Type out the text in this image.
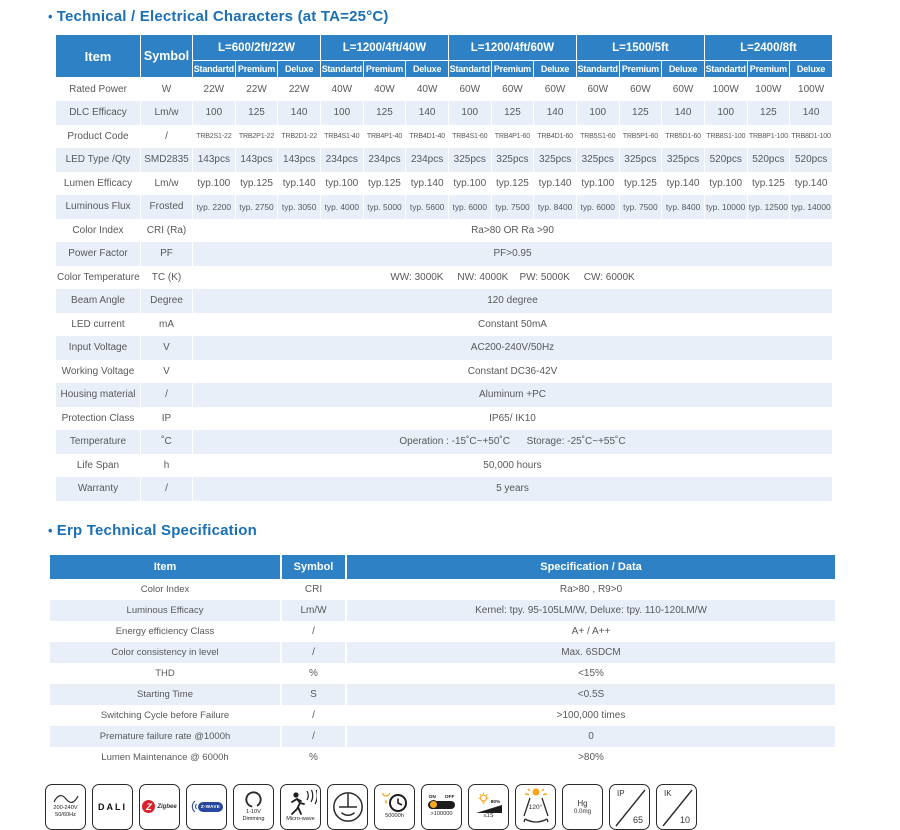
• Technical / Electrical Characters (at TA=25°C)
Item	Symbol	L=600/2ft/22W			L=1200/4ft/40W			L=1200/4ft/60W			L=1500/5ft			L=2400/8ft		
		Standartd	Premium	Deluxe	Standartd	Premium	Deluxe	Standartd	Premium	Deluxe	Standartd	Premium	Deluxe	Standartd	Premium	Deluxe
Rated Power	W	22W	22W	22W	40W	40W	40W	60W	60W	60W	60W	60W	60W	100W	100W	100W
DLC Efficacy	Lm/w	100	125	140	100	125	140	100	125	140	100	125	140	100	125	140
Product Code	/	TRB2S1-22	TRB2P1-22	TRB2D1-22	TRB4S1-40	TRB4P1-40	TRB4D1-40	TRB4S1-60	TRB4P1-60	TRB4D1-60	TRB5S1-60	TRB5P1-60	TRB5D1-60	TRB8S1-100	TRB8P1-100	TRB8D1-100
LED Type /Qty	SMD2835	143pcs	143pcs	143pcs	234pcs	234pcs	234pcs	325pcs	325pcs	325pcs	325pcs	325pcs	325pcs	520pcs	520pcs	520pcs
Lumen Efficacy	Lm/w	typ.100	typ.125	typ.140	typ.100	typ.125	typ.140	typ.100	typ.125	typ.140	typ.100	typ.125	typ.140	typ.100	typ.125	typ.140
Luminous Flux	Frosted	typ. 2200	typ. 2750	typ. 3050	typ. 4000	typ. 5000	typ. 5600	typ. 6000	typ. 7500	typ. 8400	typ. 6000	typ. 7500	typ. 8400	typ. 10000	typ. 12500	typ. 14000
Color Index	CRI (Ra)	Ra>80 OR Ra >90														
Power Factor	PF	PF>0.95														
Color Temperature	TC (K)	WW: 3000K     NW: 4000K    PW: 5000K     CW: 6000K														
Beam Angle	Degree	120 degree														
LED current	mA	Constant 50mA														
Input Voltage	V	AC200-240V/50Hz														
Working Voltage	V	Constant DC36-42V														
Housing material	/	Aluminum +PC														
Protection Class	IP	IP65/ IK10														
Temperature	˚C	Operation : -15˚C~+50˚C      Storage: -25˚C~+55˚C														
Life Span	h	50,000 hours														
Warranty	/	5 years														
• Erp Technical Specification
Item	Symbol	Specification / Data
Color Index	CRI	Ra>80 , R9>0
Luminous Efficacy	Lm/W	Kernel: tpy. 95-105LM/W, Deluxe: tpy. 110-120LM/W
Energy efficiency Class	/	A+ / A++
Color consistency in level	/	Max. 6SDCM
THD	%	<15%
Starting Time	S	<0.5S
Switching Cycle before Failure	/	>100,000 times
Premature failure rate @1000h	/	0
Lumen Maintenance @ 6000h	%	>80%
200-240V
50/60Hz
DALI	Z Zigbee	Z-WAVE
1-10V
Dimming	Micro-wave	50000h
ON OFF
>100000
80%
≤1S
120°	Hg
0.0mg
IP
65
IK
10
